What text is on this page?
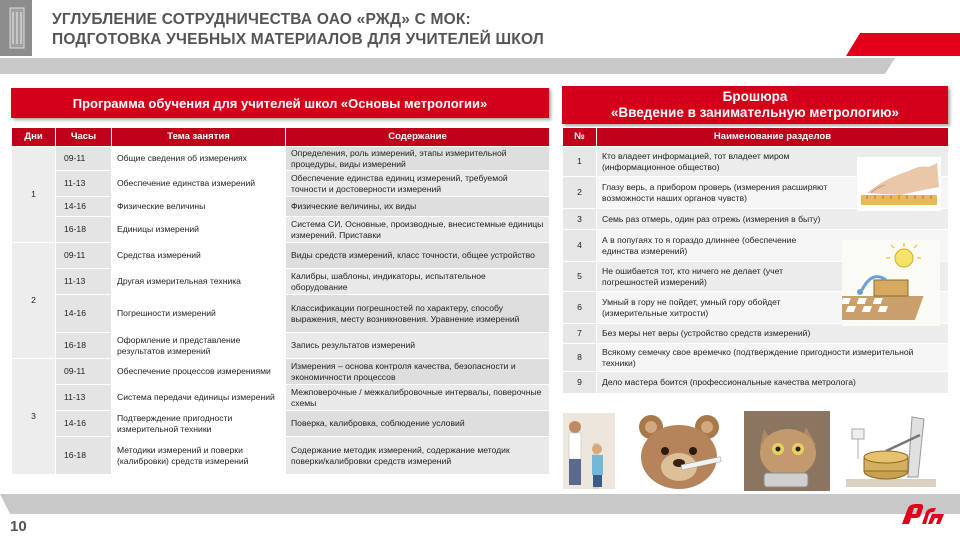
УГЛУБЛЕНИЕ СОТРУДНИЧЕСТВА ОАО «РЖД» С МОК:
ПОДГОТОВКА УЧЕБНЫХ МАТЕРИАЛОВ ДЛЯ УЧИТЕЛЕЙ ШКОЛ
Программа обучения для учителей школ «Основы метрологии»
Дни	Часы	Тема занятия	Содержание
1	09-11	Общие сведения об измерениях	Определения, роль измерений, этапы измерительной процедуры, виды измерений
	11-13	Обеспечение единства измерений	Обеспечение единства единиц измерений, требуемой точности и достоверности измерений
	14-16	Физические величины	Физические величины, их виды
	16-18	Единицы измерений	Система СИ. Основные, производные, внесистемные единицы измерений. Приставки
2	09-11	Средства измерений	Виды средств измерений, класс точности, общее устройство
	11-13	Другая измерительная техника	Калибры, шаблоны, индикаторы, испытательное оборудование
	14-16	Погрешности измерений	Классификации погрешностей по характеру, способу выражения, месту возникновения. Уравнение измерений
	16-18	Оформление и представление результатов измерений	Запись результатов измерений
3	09-11	Обеспечение процессов измерениями	Измерения – основа контроля качества, безопасности и экономичности процессов
	11-13	Система передачи единицы измерений	Межповерочные / межкалибровочные интервалы, поверочные схемы
	14-16	Подтверждение пригодности измерительной техники	Поверка, калибровка, соблюдение условий
	16-18	Методики измерений и поверки (калибровки) средств измерений	Содержание методик измерений, содержание методик поверки/калибровки средств измерений
Брошюра
«Введение в занимательную метрологию»
№	Наименование разделов
1	Кто владеет информацией, тот владеет миром (информационное общество)

2	Глазу верь, а прибором проверь (измерения расширяют возможности наших органов чувств)

3	Семь раз отмерь, один раз отрежь (измерения в быту)

4	А в попугаях то я гораздо длиннее (обеспечение единства измерений)

5	Не ошибается тот, кто ничего не делает (учет погрешностей измерений)

6	Умный в гору не пойдет, умный гору обойдет (измерительные хитрости)

7	Без меры нет веры (устройство средств измерений)

8	Всякому семечку свое времечко (подтверждение пригодности измерительной техники)

9	Дело мастера боится (профессиональные качества метролога)
10
